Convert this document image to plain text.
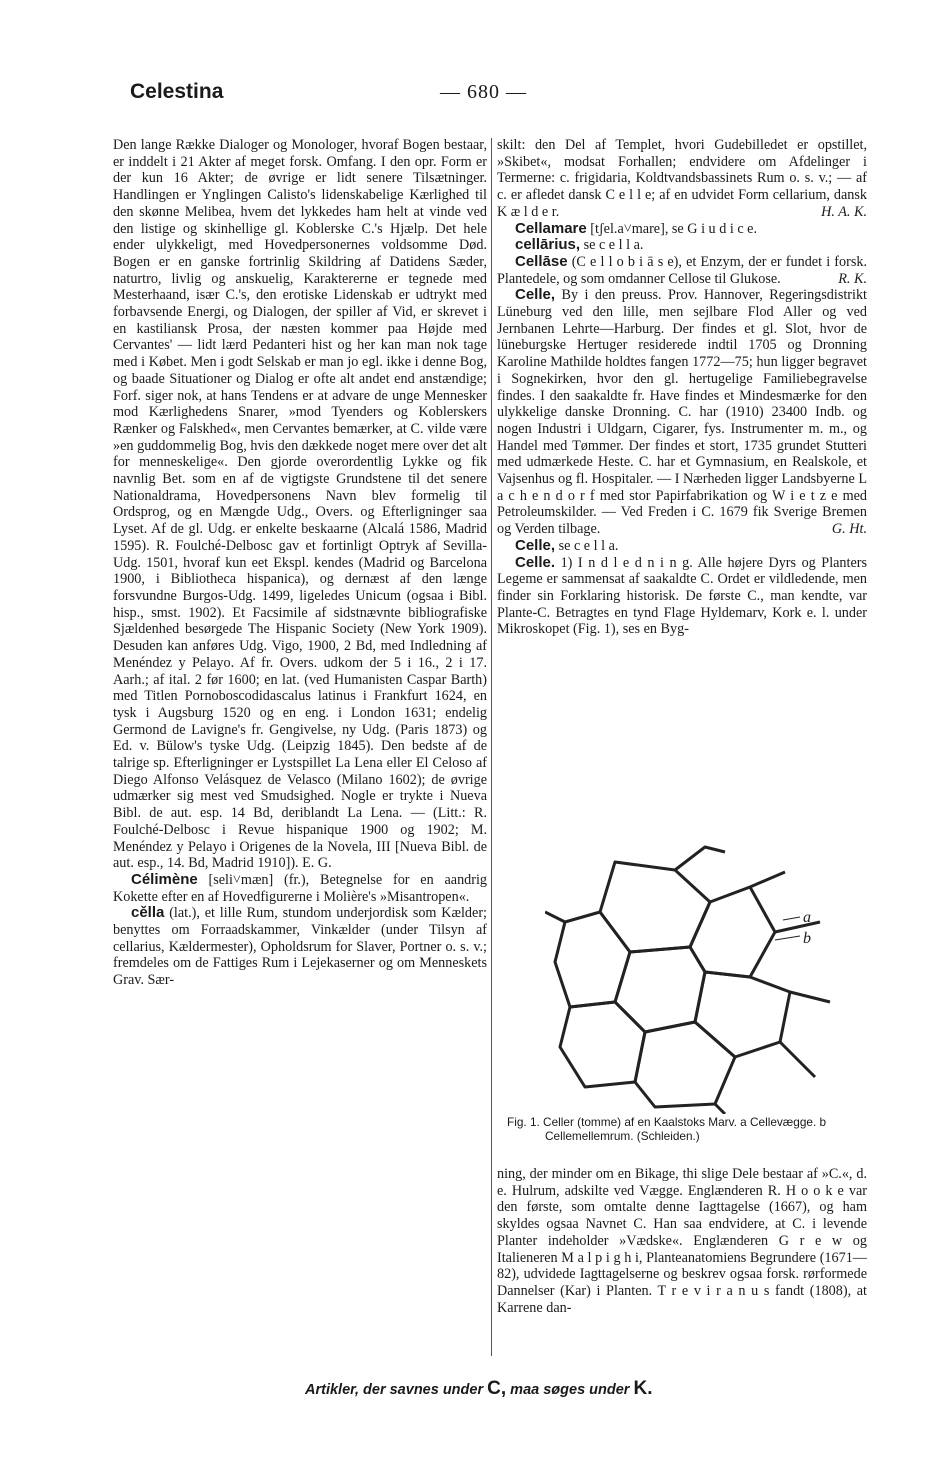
Celestina	— 680 —

Den lange Række Dialoger og Monologer, hvoraf Bogen bestaar, er inddelt i 21 Akter af meget forsk. Omfang. I den opr. Form er der kun 16 Akter; de øvrige er lidt senere Tilsætninger. Handlingen er Ynglingen Calisto's lidenskabelige Kærlighed til den skønne Melibea, hvem det lykkedes ham helt at vinde ved den listige og skinhellige gl. Koblerske C.'s Hjælp. Det hele ender ulykkeligt, med Hovedpersonernes voldsomme Død. Bogen er en ganske fortrinlig Skildring af Datidens Sæder, naturtro, livlig og anskuelig, Karaktererne er tegnede med Mesterhaand, især C.'s, den erotiske Lidenskab er udtrykt med forbavsende Energi, og Dialogen, der spiller af Vid, er skrevet i en kastiliansk Prosa, der næsten kommer paa Højde med Cervantes' — lidt lærd Pedanteri hist og her kan man nok tage med i Købet. Men i godt Selskab er man jo egl. ikke i denne Bog, og baade Situationer og Dialog er ofte alt andet end anstændige; Forf. siger nok, at hans Tendens er at advare de unge Mennesker mod Kærlighedens Snarer, »mod Tyenders og Koblerskers Rænker og Falskhed«, men Cervantes bemærker, at C. vilde være »en guddommelig Bog, hvis den dækkede noget mere over det alt for menneskelige«. Den gjorde overordentlig Lykke og fik navnlig Bet. som en af de vigtigste Grundstene til det senere Nationaldrama, Hovedpersonens Navn blev formelig til Ordsprog, og en Mængde Udg., Overs. og Efterligninger saa Lyset. Af de gl. Udg. er enkelte beskaarne (Alcalá 1586, Madrid 1595). R. Foulché-Delbosc gav et fortinligt Optryk af Sevilla-Udg. 1501, hvoraf kun eet Ekspl. kendes (Madrid og Barcelona 1900, i Bibliotheca hispanica), og dernæst af den længe forsvundne Burgos-Udg. 1499, ligeledes Unicum (ogsaa i Bibl. hisp., smst. 1902). Et Facsimile af sidstnævnte bibliografiske Sjældenhed besørgede The Hispanic Society (New York 1909). Desuden kan anføres Udg. Vigo, 1900, 2 Bd, med Indledning af Menéndez y Pelayo. Af fr. Overs. udkom der 5 i 16., 2 i 17. Aarh.; af ital. 2 før 1600; en lat. (ved Humanisten Caspar Barth) med Titlen Pornoboscodidascalus latinus i Frankfurt 1624, en tysk i Augsburg 1520 og en eng. i London 1631; endelig Germond de Lavigne's fr. Gengivelse, ny Udg. (Paris 1873) og Ed. v. Bülow's tyske Udg. (Leipzig 1845). Den bedste af de talrige sp. Efterligninger er Lystspillet La Lena eller El Celoso af Diego Alfonso Velásquez de Velasco (Milano 1602); de øvrige udmærker sig mest ved Smudsighed. Nogle er trykte i Nueva Bibl. de aut. esp. 14 Bd, deriblandt La Lena. — (Litt.: R. Foulché-Delbosc i Revue hispanique 1900 og 1902; M. Menéndez y Pelayo i Origenes de la Novela, III [Nueva Bibl. de aut. esp., 14. Bd, Madrid 1910]). E. G.

Célimène [seli˅mæn] (fr.), Betegnelse for en aandrig Kokette efter en af Hovedfigurerne i Molière's »Misantropen«.

cělla (lat.), et lille Rum, stundom underjordisk som Kælder; benyttes om Forraadskammer, Vinkælder (under Tilsyn af cellarius, Kældermester), Opholdsrum for Slaver, Portner o. s. v.; fremdeles om de Fattiges Rum i Lejekaserner og om Menneskets Grav. Sær-

skilt: den Del af Templet, hvori Gudebilledet er opstillet, »Skibet«, modsat Forhallen; endvidere om Afdelinger i Termerne: c. frigidaria, Koldtvandsbassinets Rum o. s. v.; — af c. er afledet dansk C e l l e; af en udvidet Form cellarium, dansk K æ l d e r.	H. A. K.

Cellamare [tʃel.a˅mare], se G i u d i c e.

cellārius, se c e l l a.

Cellāse (C e l l o b i ā s e), et Enzym, der er fundet i forsk. Plantedele, og som omdanner Cellose til Glukose.	R. K.

Celle, By i den preuss. Prov. Hannover, Regeringsdistrikt Lüneburg ved den lille, men sejlbare Flod Aller og ved Jernbanen Lehrte—Harburg. Der findes et gl. Slot, hvor de lüneburgske Hertuger residerede indtil 1705 og Dronning Karoline Mathilde holdtes fangen 1772—75; hun ligger begravet i Sognekirken, hvor den gl. hertugelige Familiebegravelse findes. I den saakaldte fr. Have findes et Mindesmærke for den ulykkelige danske Dronning. C. har (1910) 23400 Indb. og nogen Industri i Uldgarn, Cigarer, fys. Instrumenter m. m., og Handel med Tømmer. Der findes et stort, 1735 grundet Stutteri med udmærkede Heste. C. har et Gymnasium, en Realskole, et Vajsenhus og fl. Hospitaler. — I Nærheden ligger Landsbyerne L a c h e n d o r f med stor Papirfabrikation og W i e t z e med Petroleumskilder. — Ved Freden i C. 1679 fik Sverige Bremen og Verden tilbage.	G. Ht.

Celle, se c e l l a.

Celle. 1) I n d l e d n i n g. Alle højere Dyrs og Planters Legeme er sammensat af saakaldte C. Ordet er vildledende, men finder sin Forklaring historisk. De første C., man kendte, var Plante-C. Betragtes en tynd Flage Hyldemarv, Kork e. l. under Mikroskopet (Fig. 1), ses en Byg-

a
b
Fig. 1. Celler (tomme) af en Kaalstoks Marv. a Cellevægge. b Cellemellemrum. (Schleiden.)

ning, der minder om en Bikage, thi slige Dele bestaar af »C.«, d. e. Hulrum, adskilte ved Vægge. Englænderen R. H o o k e var den første, som omtalte denne Iagttagelse (1667), og ham skyldes ogsaa Navnet C. Han saa endvidere, at C. i levende Planter indeholder »Vædske«. Englænderen G r e w og Italieneren M a l p i g h i, Planteanatomiens Begrundere (1671—82), udvidede Iagttagelserne og beskrev ogsaa forsk. rørformede Dannelser (Kar) i Planten. T r e v i r a n u s fandt (1808), at Karrene dan-

Artikler, der savnes under C, maa søges under K.
